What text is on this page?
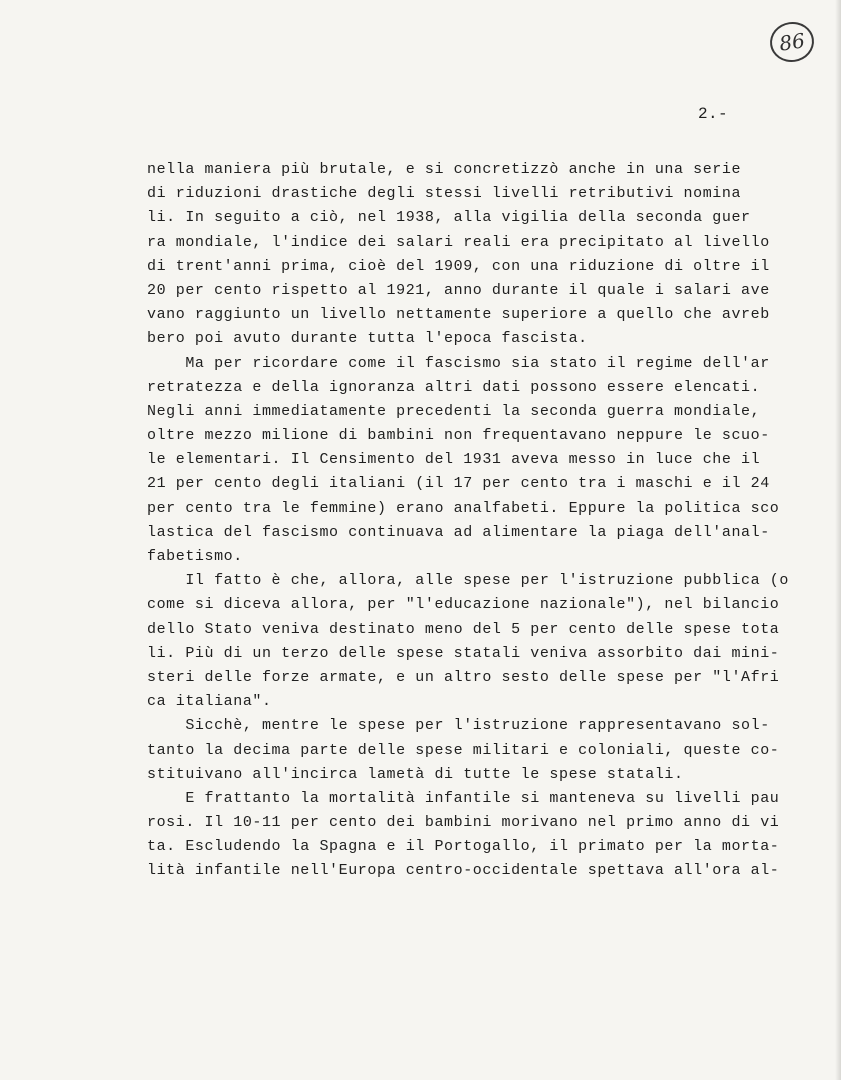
86
2.-
nella maniera più brutale, e si concretizzò anche in una serie
di riduzioni drastiche degli stessi livelli retributivi nomina
li. In seguito a ciò, nel 1938, alla vigilia della seconda guer
ra mondiale, l'indice dei salari reali era precipitato al livello
di trent'anni prima, cioè del 1909, con una riduzione di oltre il
20 per cento rispetto al 1921, anno durante il quale i salari ave
vano raggiunto un livello nettamente superiore a quello che avreb
bero poi avuto durante tutta l'epoca fascista.
Ma per ricordare come il fascismo sia stato il regime dell'ar
retratezza e della ignoranza altri dati possono essere elencati.
Negli anni immediatamente precedenti la seconda guerra mondiale,
oltre mezzo milione di bambini non frequentavano neppure le scuo-
le elementari. Il Censimento del 1931 aveva messo in luce che il
21 per cento degli italiani (il 17 per cento tra i maschi e il 24
per cento tra le femmine) erano analfabeti. Eppure la politica sco
lastica del fascismo continuava ad alimentare la piaga dell'anal-
fabetismo.
Il fatto è che, allora, alle spese per l'istruzione pubblica (o
come si diceva allora, per "l'educazione nazionale"), nel bilancio
dello Stato veniva destinato meno del 5 per cento delle spese tota
li. Più di un terzo delle spese statali veniva assorbito dai mini-
steri delle forze armate, e un altro sesto delle spese per "l'Afri
ca italiana".
Sicchè, mentre le spese per l'istruzione rappresentavano sol-
tanto la decima parte delle spese militari e coloniali, queste co-
stituivano all'incirca lametà di tutte le spese statali.
E frattanto la mortalità infantile si manteneva su livelli pau
rosi. Il 10-11 per cento dei bambini morivano nel primo anno di vi
ta. Escludendo la Spagna e il Portogallo, il primato per la morta-
lità infantile nell'Europa centro-occidentale spettava all'ora al-
